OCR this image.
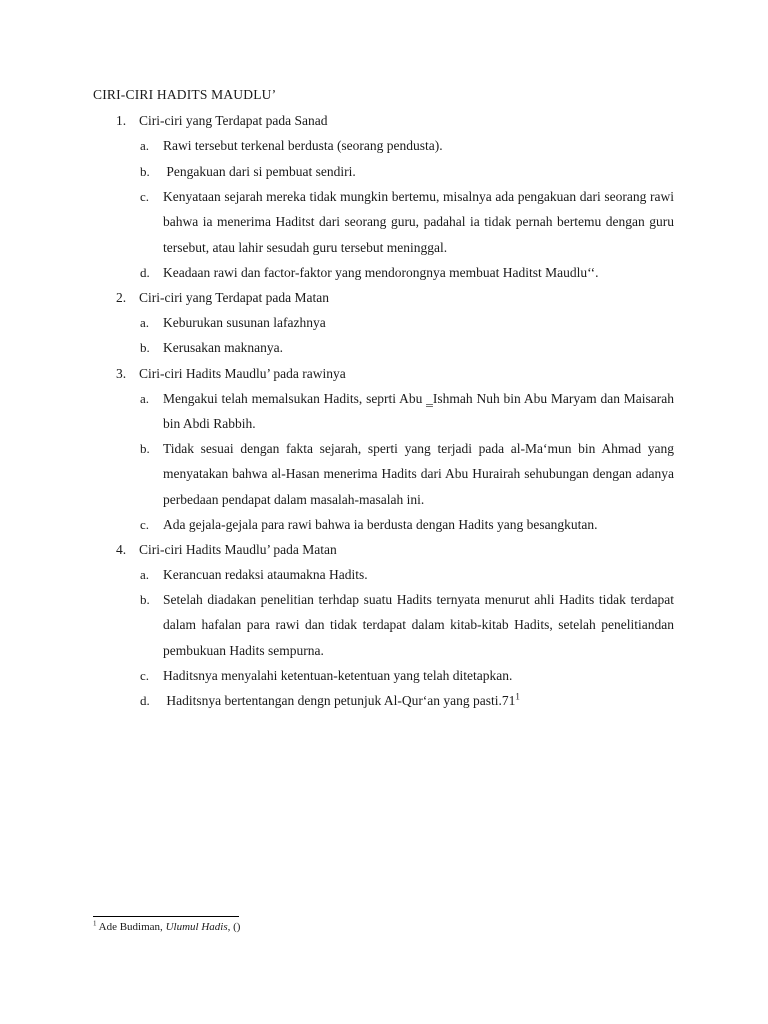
CIRI-CIRI HADITS MAUDLU’
1. Ciri-ciri yang Terdapat pada Sanad
a. Rawi tersebut terkenal berdusta (seorang pendusta).
b. Pengakuan dari si pembuat sendiri.
c. Kenyataan sejarah mereka tidak mungkin bertemu, misalnya ada pengakuan dari seorang rawi bahwa ia menerima Haditst dari seorang guru, padahal ia tidak pernah bertemu dengan guru tersebut, atau lahir sesudah guru tersebut meninggal.
d. Keadaan rawi dan factor-faktor yang mendorongnya membuat Haditst Maudlu‘‘.
2. Ciri-ciri yang Terdapat pada Matan
a. Keburukan susunan lafazhnya
b. Kerusakan maknanya.
3. Ciri-ciri Hadits Maudlu’ pada rawinya
a. Mengakui telah memalsukan Hadits, seprti Abu ‗Ishmah Nuh bin Abu Maryam dan Maisarah bin Abdi Rabbih.
b. Tidak sesuai dengan fakta sejarah, sperti yang terjadi pada al-Ma‘mun bin Ahmad yang menyatakan bahwa al-Hasan menerima Hadits dari Abu Hurairah sehubungan dengan adanya perbedaan pendapat dalam masalah-masalah ini.
c. Ada gejala-gejala para rawi bahwa ia berdusta dengan Hadits yang besangkutan.
4. Ciri-ciri Hadits Maudlu’ pada Matan
a. Kerancuan redaksi ataumakna Hadits.
b. Setelah diadakan penelitian terhdap suatu Hadits ternyata menurut ahli Hadits tidak terdapat dalam hafalan para rawi dan tidak terdapat dalam kitab-kitab Hadits, setelah penelitiandan pembukuan Hadits sempurna.
c. Haditsnya menyalahi ketentuan-ketentuan yang telah ditetapkan.
d. Haditsnya bertentangan dengn petunjuk Al-Qur‘an yang $pasti.71^1$
$^1$ Ade Budiman, Ulumul Hadis, ()
